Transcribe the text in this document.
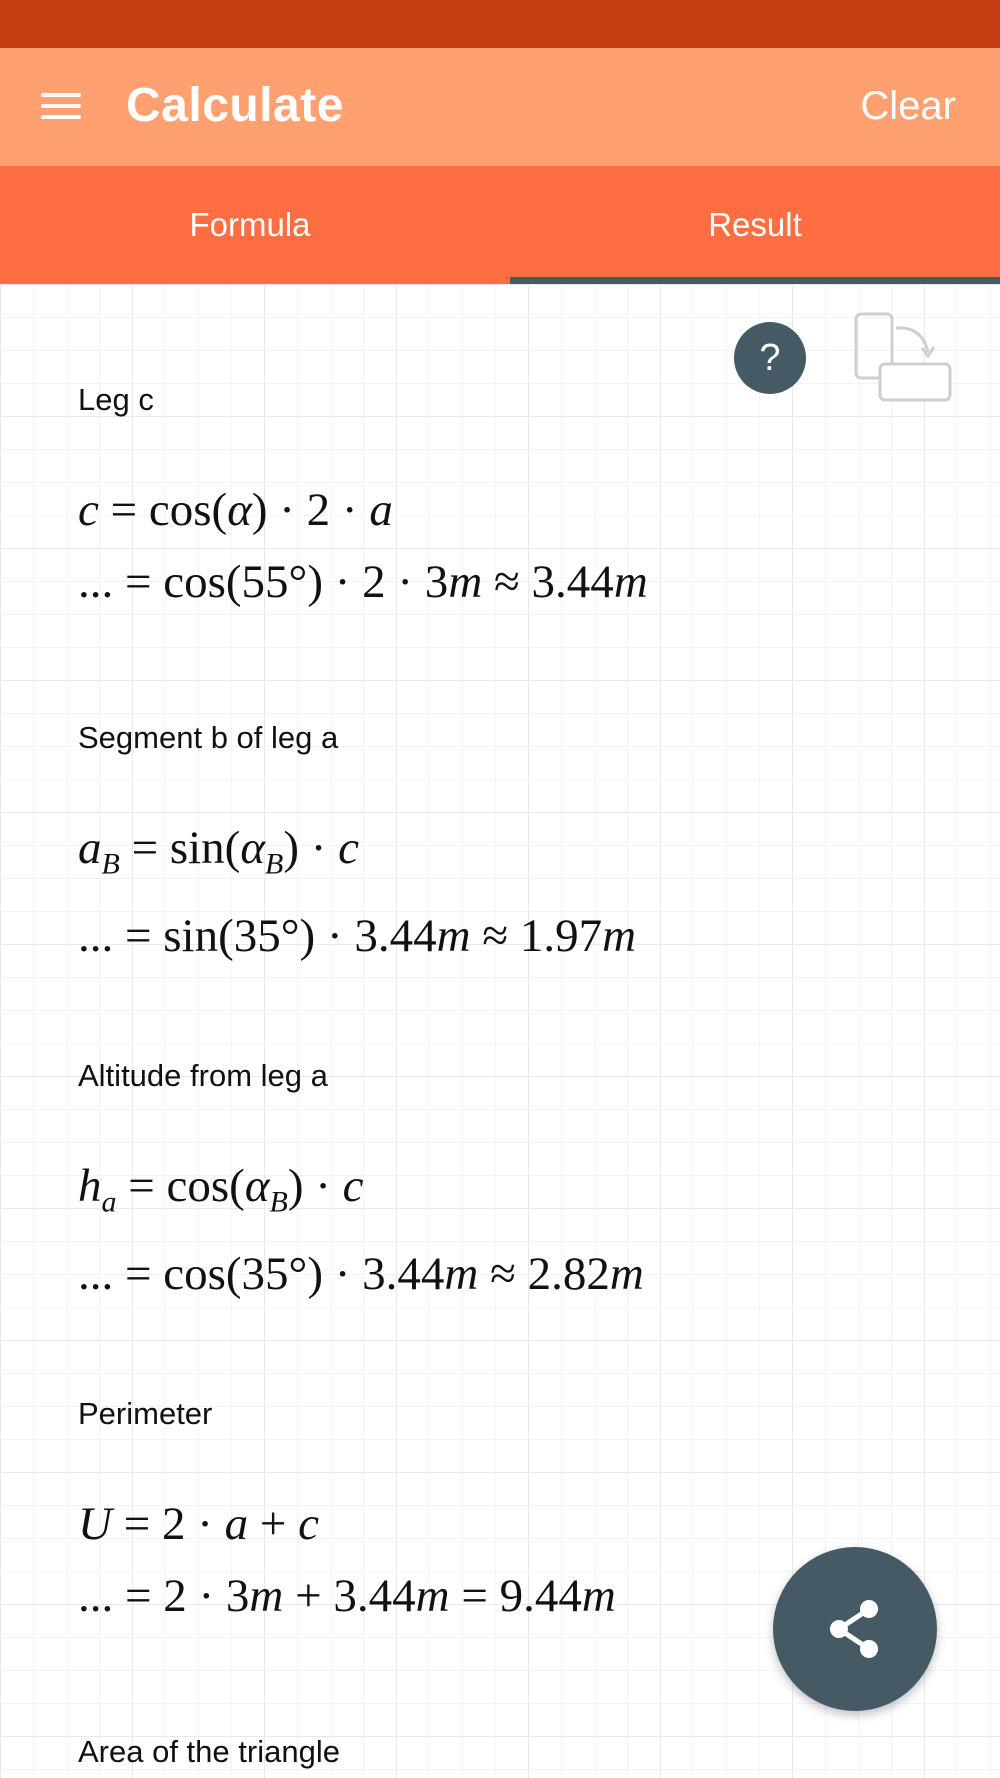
Calculate	Clear
Formula	Result
?

Leg c

c = cos(α) · 2 · a
... = cos(55°) · 2 · 3m ≈ 3.44m

Segment b of leg a

$a_B = \sin(\alpha_B) \cdot c$
... = sin(35°) · 3.44m ≈ 1.97m

Altitude from leg a

$h_a = \cos(\alpha_B) \cdot c$
... = cos(35°) · 3.44m ≈ 2.82m

Perimeter

U = 2 · a + c
... = 2 · 3m + 3.44m = 9.44m

Area of the triangle
